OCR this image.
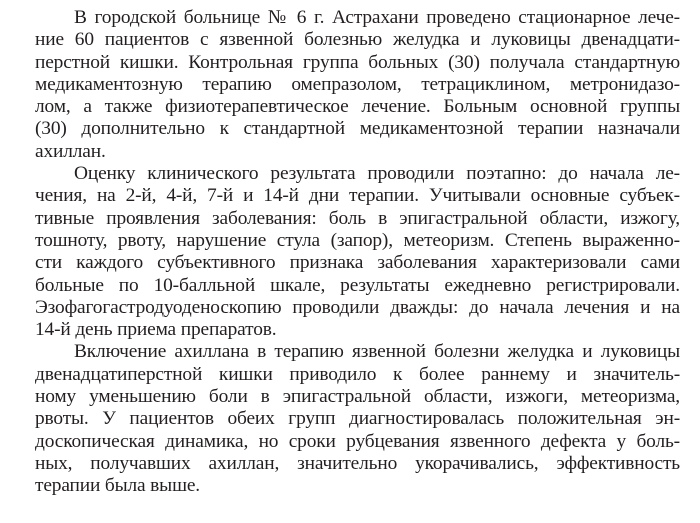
В городской больнице № 6 г. Астрахани проведено стационарное лече-
ние 60 пациентов с язвенной болезнью желудка и луковицы двенадцати-
перстной кишки. Контрольная группа больных (30) получала стандартную
медикаментозную терапию омепразолом, тетрациклином, метронидазо-
лом, а также физиотерапевтическое лечение. Больным основной группы
(30) дополнительно к стандартной медикаментозной терапии назначали
ахиллан.
Оценку клинического результата проводили поэтапно: до начала ле-
чения, на 2-й, 4-й, 7-й и 14-й дни терапии. Учитывали основные субъек-
тивные проявления заболевания: боль в эпигастральной области, изжогу,
тошноту, рвоту, нарушение стула (запор), метеоризм. Степень выраженно-
сти каждого субъективного признака заболевания характеризовали сами
больные по 10-балльной шкале, результаты ежедневно регистрировали.
Эзофагогастродуоденоскопию проводили дважды: до начала лечения и на
14-й день приема препаратов.
Включение ахиллана в терапию язвенной болезни желудка и луковицы
двенадцатиперстной кишки приводило к более раннему и значитель-
ному уменьшению боли в эпигастральной области, изжоги, метеоризма,
рвоты. У пациентов обеих групп диагностировалась положительная эн-
доскопическая динамика, но сроки рубцевания язвенного дефекта у боль-
ных, получавших ахиллан, значительно укорачивались, эффективность
терапии была выше.
